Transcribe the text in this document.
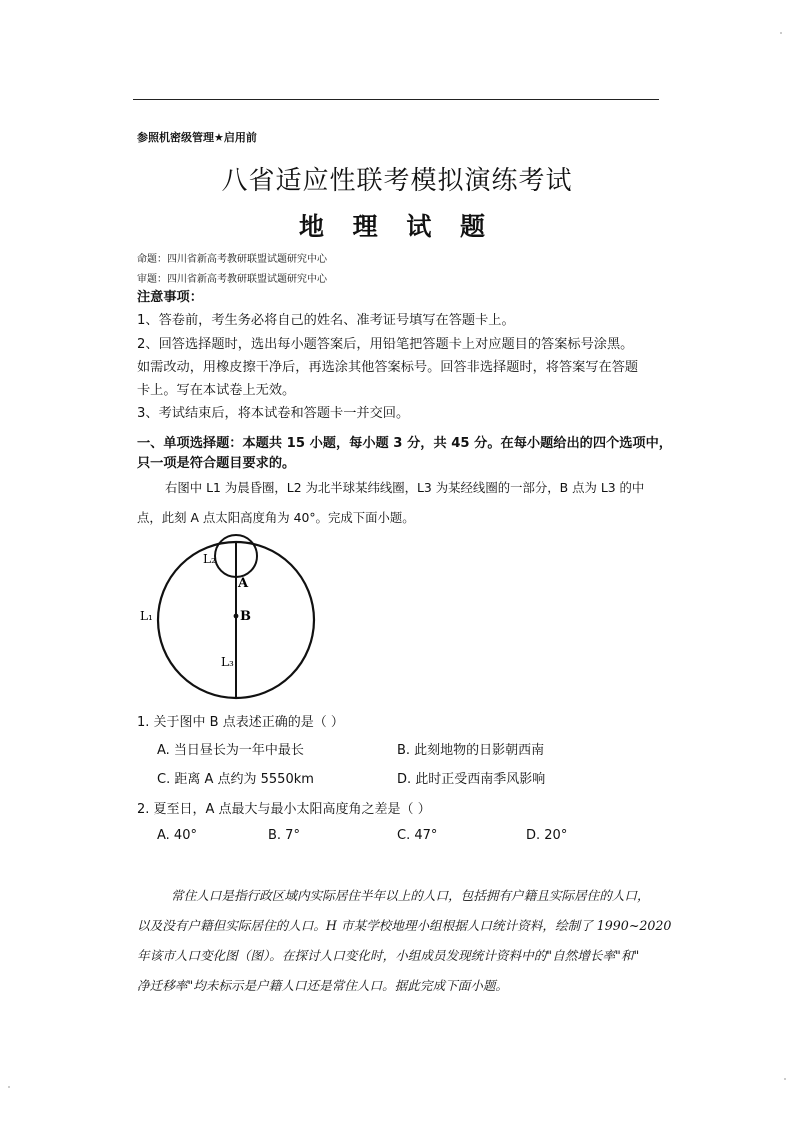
参照机密级管理★启用前
八省适应性联考模拟演练考试
地 理 试 题
命题：四川省新高考教研联盟试题研究中心
审题：四川省新高考教研联盟试题研究中心
注意事项：
1、答卷前，考生务必将自己的姓名、准考证号填写在答题卡上。
2、回答选择题时，选出每小题答案后，用铅笔把答题卡上对应题目的答案标号涂黑。
如需改动，用橡皮擦干净后，再选涂其他答案标号。回答非选择题时，将答案写在答题
卡上。写在本试卷上无效。
3、考试结束后，将本试卷和答题卡一并交回。
一、单项选择题：本题共 15 小题，每小题 3 分，共 45 分。在每小题给出的四个选项中，
只一项是符合题目要求的。
右图中 L1 为晨昏圈，L2 为北半球某纬线圈，L3 为某经线圈的一部分，B 点为 L3 的中
点，此刻 A 点太阳高度角为 40°。完成下面小题。
L₂
A
B
L₁
L₃
1. 关于图中 B 点表述正确的是（ ）
A. 当日昼长为一年中最长	B. 此刻地物的日影朝西南
C. 距离 A 点约为 5550km	D. 此时正受西南季风影响
2. 夏至日，A 点最大与最小太阳高度角之差是（ ）
A. 40°	B. 7°	C. 47°	D. 20°
常住人口是指行政区域内实际居住半年以上的人口，包括拥有户籍且实际居住的人口，
以及没有户籍但实际居住的人口。H 市某学校地理小组根据人口统计资料，绘制了 1990~2020
年该市人口变化图（图）。在探讨人口变化时，小组成员发现统计资料中的"自然增长率"和"
净迁移率"均未标示是户籍人口还是常住人口。据此完成下面小题。
